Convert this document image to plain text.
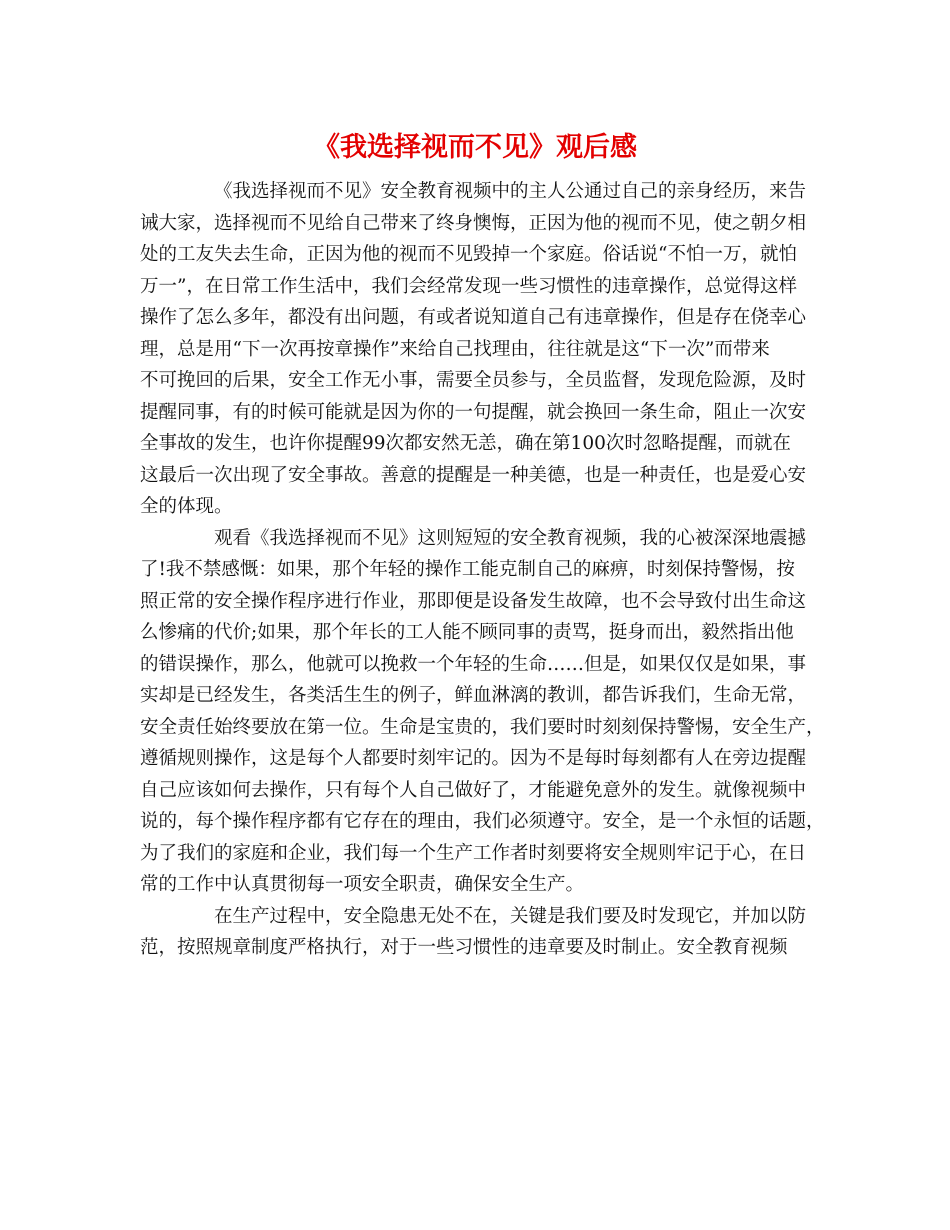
《我选择视而不见》观后感
《我选择视而不见》安全教育视频中的主人公通过自己的亲身经历，来告
诫大家，选择视而不见给自己带来了终身懊悔，正因为他的视而不见，使之朝夕相
处的工友失去生命，正因为他的视而不见毁掉一个家庭。俗话说“不怕一万，就怕
万一”，在日常工作生活中，我们会经常发现一些习惯性的违章操作，总觉得这样
操作了怎么多年，都没有出问题，有或者说知道自己有违章操作，但是存在侥幸心
理，总是用“下一次再按章操作”来给自己找理由，往往就是这“下一次”而带来
不可挽回的后果，安全工作无小事，需要全员参与，全员监督，发现危险源，及时
提醒同事，有的时候可能就是因为你的一句提醒，就会换回一条生命，阻止一次安
全事故的发生，也许你提醒99次都安然无恙，确在第100次时忽略提醒，而就在
这最后一次出现了安全事故。善意的提醒是一种美德，也是一种责任，也是爱心安
全的体现。
观看《我选择视而不见》这则短短的安全教育视频，我的心被深深地震撼
了!我不禁感慨：如果，那个年轻的操作工能克制自己的麻痹，时刻保持警惕，按
照正常的安全操作程序进行作业，那即便是设备发生故障，也不会导致付出生命这
么惨痛的代价;如果，那个年长的工人能不顾同事的责骂，挺身而出，毅然指出他
的错误操作，那么，他就可以挽救一个年轻的生命……但是，如果仅仅是如果，事
实却是已经发生，各类活生生的例子，鲜血淋漓的教训，都告诉我们，生命无常，
安全责任始终要放在第一位。生命是宝贵的，我们要时时刻刻保持警惕，安全生产，
遵循规则操作，这是每个人都要时刻牢记的。因为不是每时每刻都有人在旁边提醒
自己应该如何去操作，只有每个人自己做好了，才能避免意外的发生。就像视频中
说的，每个操作程序都有它存在的理由，我们必须遵守。安全，是一个永恒的话题，
为了我们的家庭和企业，我们每一个生产工作者时刻要将安全规则牢记于心，在日
常的工作中认真贯彻每一项安全职责，确保安全生产。
在生产过程中，安全隐患无处不在，关键是我们要及时发现它，并加以防
范，按照规章制度严格执行，对于一些习惯性的违章要及时制止。安全教育视频
